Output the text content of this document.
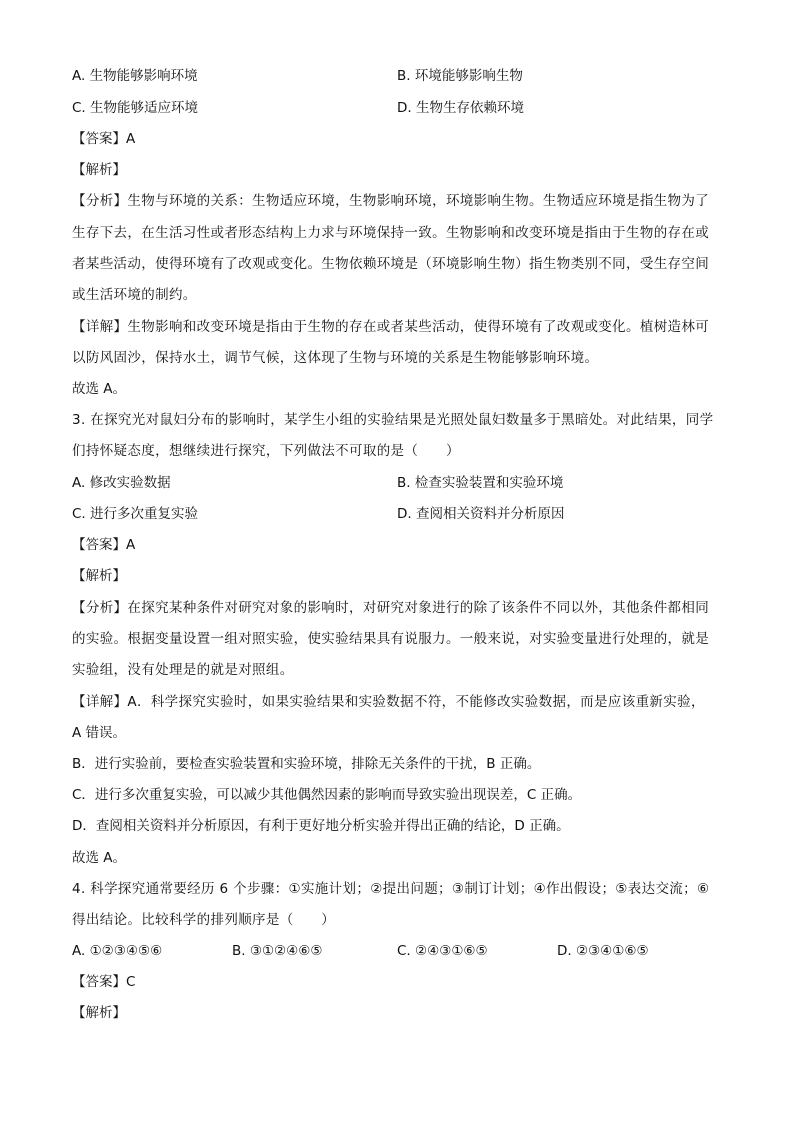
A. 生物能够影响环境	B. 环境能够影响生物
C. 生物能够适应环境	D. 生物生存依赖环境
【答案】A
【解析】
【分析】生物与环境的关系：生物适应环境，生物影响环境，环境影响生物。生物适应环境是指生物为了
生存下去，在生活习性或者形态结构上力求与环境保持一致。生物影响和改变环境是指由于生物的存在或
者某些活动，使得环境有了改观或变化。生物依赖环境是（环境影响生物）指生物类别不同，受生存空间
或生活环境的制约。
【详解】生物影响和改变环境是指由于生物的存在或者某些活动，使得环境有了改观或变化。植树造林可
以防风固沙，保持水土，调节气候，这体现了生物与环境的关系是生物能够影响环境。
故选 A。
3. 在探究光对鼠妇分布的影响时，某学生小组的实验结果是光照处鼠妇数量多于黑暗处。对此结果，同学
们持怀疑态度，想继续进行探究，下列做法不可取的是（　　）
A. 修改实验数据	B. 检查实验装置和实验环境
C. 进行多次重复实验	D. 查阅相关资料并分析原因
【答案】A
【解析】
【分析】在探究某种条件对研究对象的影响时，对研究对象进行的除了该条件不同以外，其他条件都相同
的实验。根据变量设置一组对照实验，使实验结果具有说服力。一般来说，对实验变量进行处理的，就是
实验组，没有处理是的就是对照组。
【详解】A．科学探究实验时，如果实验结果和实验数据不符，不能修改实验数据，而是应该重新实验，
A 错误。
B．进行实验前，要检查实验装置和实验环境，排除无关条件的干扰，B 正确。
C．进行多次重复实验，可以减少其他偶然因素的影响而导致实验出现误差，C 正确。
D．查阅相关资料并分析原因，有利于更好地分析实验并得出正确的结论，D 正确。
故选 A。
4. 科学探究通常要经历 6 个步骤：①实施计划；②提出问题；③制订计划；④作出假设；⑤表达交流；⑥
得出结论。比较科学的排列顺序是（　　）
A. ①②③④⑤⑥	B. ③①②④⑥⑤	C. ②④③①⑥⑤	D. ②③④①⑥⑤
【答案】C
【解析】
